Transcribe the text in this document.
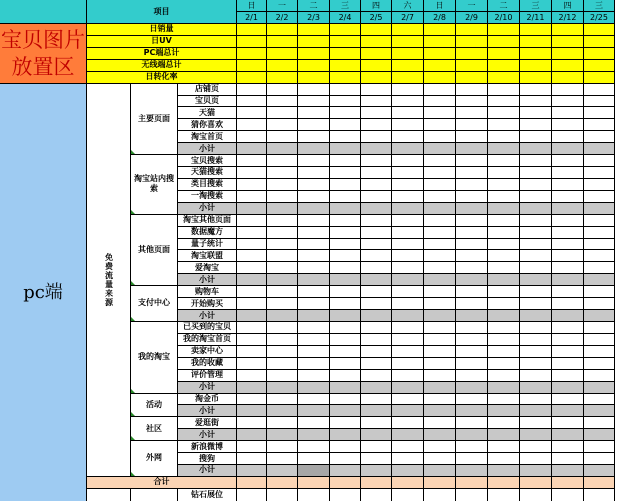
项目
日
2/1
一
2/2
二
2/3
三
2/4
四
2/5
六
2/7
日
2/8
一
2/9
二
2/10
三
2/11
四
2/12
三
2/25
宝贝图片放置区
日销量
日UV
PC端总计
无线端总计
日转化率
pc端	免费流量来源
主要页面
店铺页
宝贝页
天猫
猜你喜欢
淘宝首页
小计
淘宝站内搜索
宝贝搜索
天猫搜索
类目搜索
一淘搜索
小计
其他页面
淘宝其他页面
数据魔方
量子统计
淘宝联盟
爱淘宝
小计
支付中心
购物车
开始购买
小计
我的淘宝
已买到的宝贝
我的淘宝首页
卖家中心
我的收藏
评价管理
小计
活动
淘金币
小计
社区
爱逛街
小计
外网
新浪微博
搜狗
小计
合计
钻石展位
